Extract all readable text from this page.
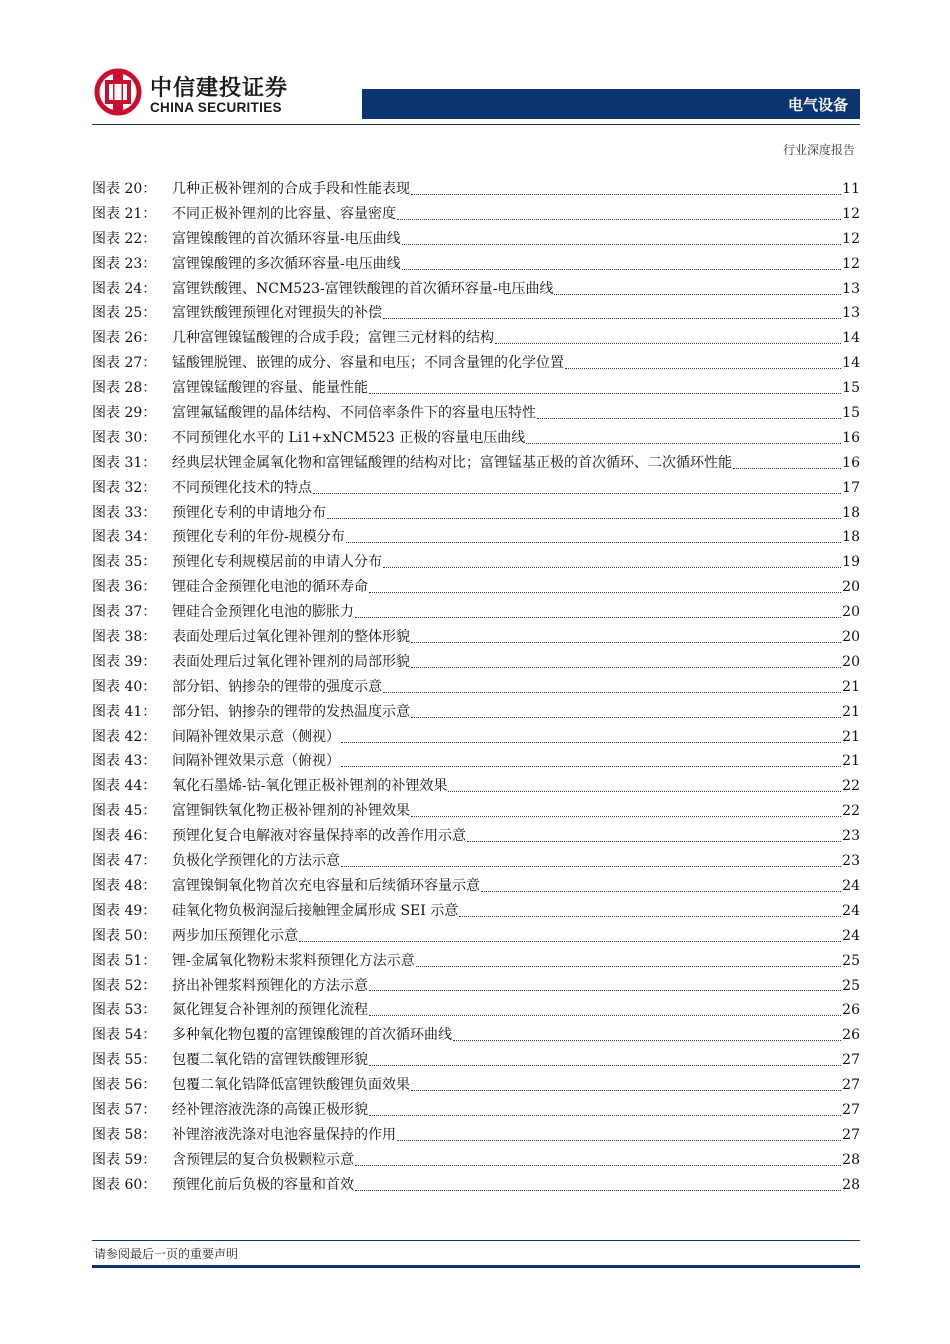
中信建投证券
CHINA SECURITIES	电气设备
行业深度报告
图表 20：	几种正极补锂剂的合成手段和性能表现	11
图表 21：	不同正极补锂剂的比容量、容量密度	12
图表 22：	富锂镍酸锂的首次循环容量-电压曲线	12
图表 23：	富锂镍酸锂的多次循环容量-电压曲线	12
图表 24：	富锂铁酸锂、NCM523-富锂铁酸锂的首次循环容量-电压曲线	13
图表 25：	富锂铁酸锂预锂化对锂损失的补偿	13
图表 26：	几种富锂镍锰酸锂的合成手段；富锂三元材料的结构	14
图表 27：	锰酸锂脱锂、嵌锂的成分、容量和电压；不同含量锂的化学位置	14
图表 28：	富锂镍锰酸锂的容量、能量性能	15
图表 29：	富锂氟锰酸锂的晶体结构、不同倍率条件下的容量电压特性	15
图表 30：	不同预锂化水平的 Li1+xNCM523 正极的容量电压曲线	16
图表 31：	经典层状锂金属氧化物和富锂锰酸锂的结构对比；富锂锰基正极的首次循环、二次循环性能	16
图表 32：	不同预锂化技术的特点	17
图表 33：	预锂化专利的申请地分布	18
图表 34：	预锂化专利的年份-规模分布	18
图表 35：	预锂化专利规模居前的申请人分布	19
图表 36：	锂硅合金预锂化电池的循环寿命	20
图表 37：	锂硅合金预锂化电池的膨胀力	20
图表 38：	表面处理后过氧化锂补锂剂的整体形貌	20
图表 39：	表面处理后过氧化锂补锂剂的局部形貌	20
图表 40：	部分铝、钠掺杂的锂带的强度示意	21
图表 41：	部分铝、钠掺杂的锂带的发热温度示意	21
图表 42：	间隔补锂效果示意（侧视）	21
图表 43：	间隔补锂效果示意（俯视）	21
图表 44：	氧化石墨烯-钴-氧化锂正极补锂剂的补锂效果	22
图表 45：	富锂铜铁氧化物正极补锂剂的补锂效果	22
图表 46：	预锂化复合电解液对容量保持率的改善作用示意	23
图表 47：	负极化学预锂化的方法示意	23
图表 48：	富锂镍铜氧化物首次充电容量和后续循环容量示意	24
图表 49：	硅氧化物负极润湿后接触锂金属形成 SEI 示意	24
图表 50：	两步加压预锂化示意	24
图表 51：	锂-金属氧化物粉末浆料预锂化方法示意	25
图表 52：	挤出补锂浆料预锂化的方法示意	25
图表 53：	氮化锂复合补锂剂的预锂化流程	26
图表 54：	多种氧化物包覆的富锂镍酸锂的首次循环曲线	26
图表 55：	包覆二氧化锆的富锂铁酸锂形貌	27
图表 56：	包覆二氧化锆降低富锂铁酸锂负面效果	27
图表 57：	经补锂溶液洗涤的高镍正极形貌	27
图表 58：	补锂溶液洗涤对电池容量保持的作用	27
图表 59：	含预锂层的复合负极颗粒示意	28
图表 60：	预锂化前后负极的容量和首效	28
请参阅最后一页的重要声明
